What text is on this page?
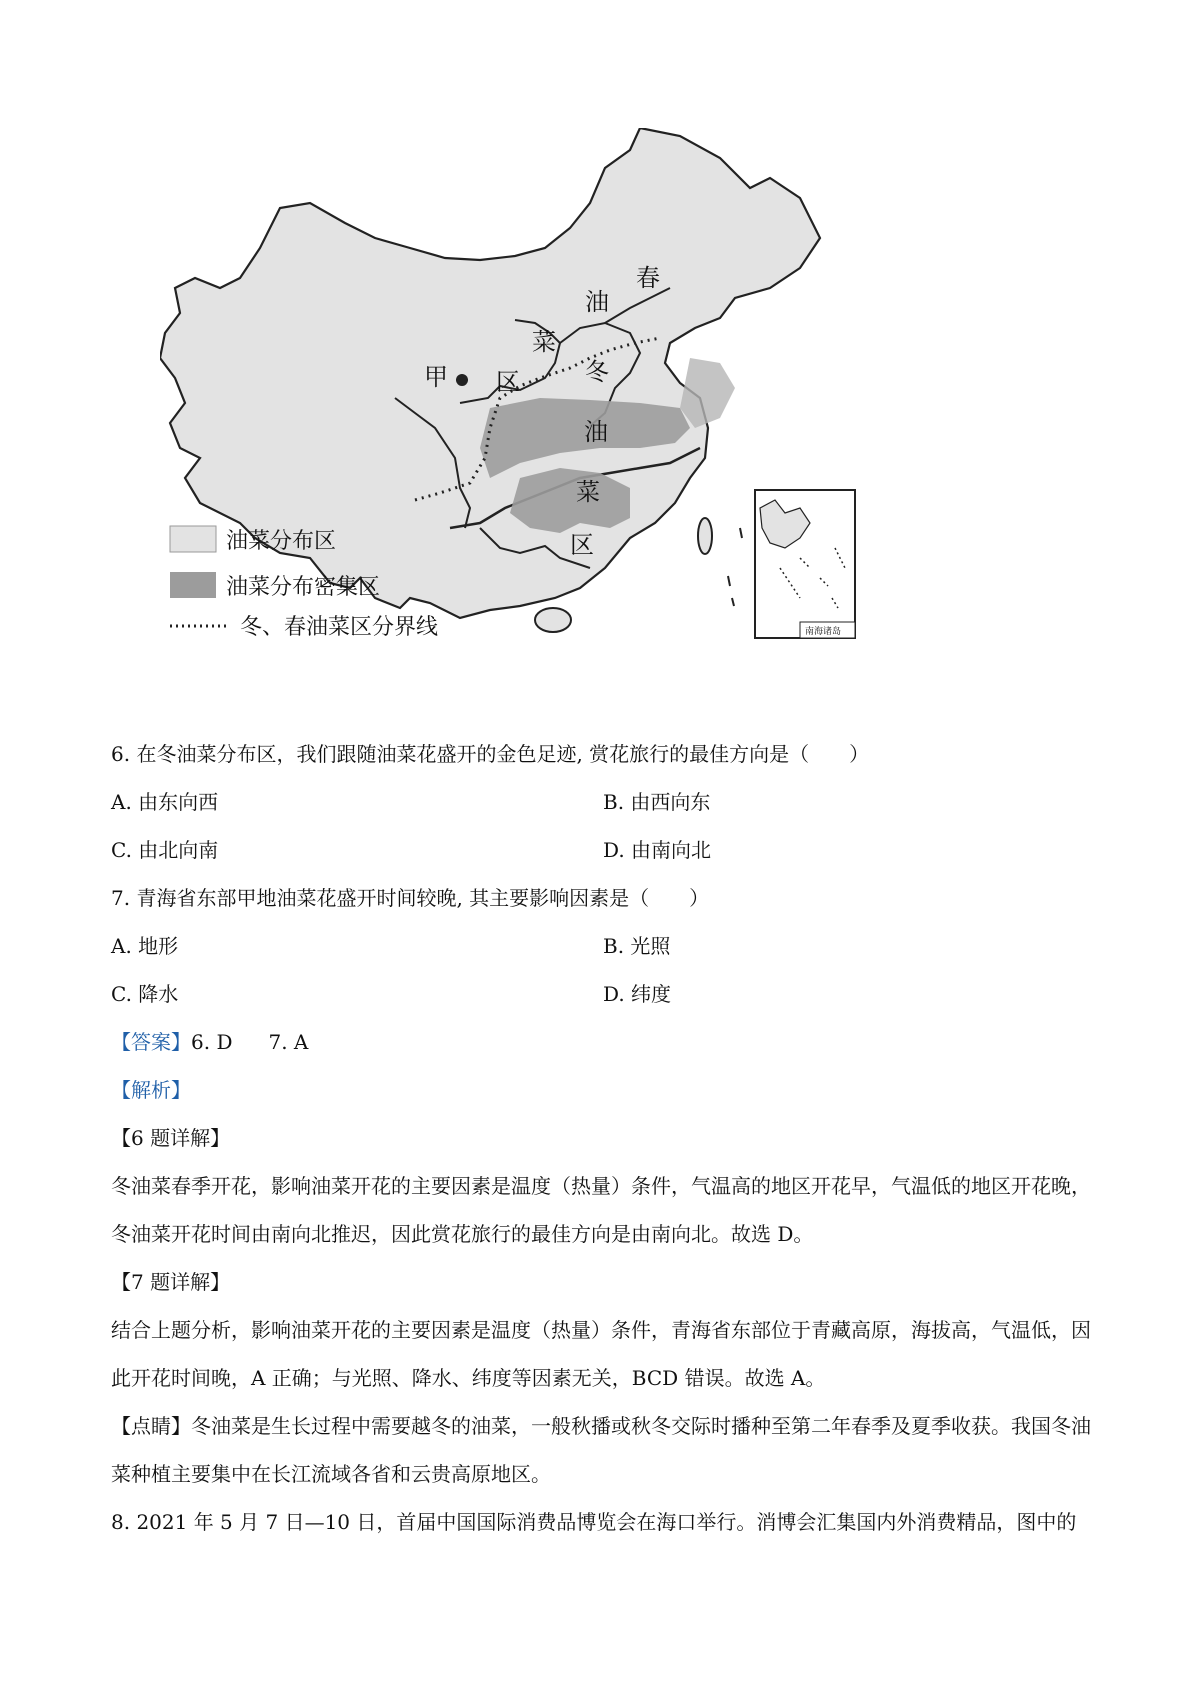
春
油
菜
区
甲	冬
油
菜
区
油菜分布区
油菜分布密集区
冬、春油菜区分界线	南海诸岛
6. 在冬油菜分布区，我们跟随油菜花盛开的金色足迹, 赏花旅行的最佳方向是（　　）
A. 由东向西	B. 由西向东
C. 由北向南	D. 由南向北
7. 青海省东部甲地油菜花盛开时间较晚, 其主要影响因素是（　　）
A. 地形	B. 光照
C. 降水	D. 纬度
【答案】6. D 7. A
【解析】
【6 题详解】
冬油菜春季开花，影响油菜开花的主要因素是温度（热量）条件，气温高的地区开花早，气温低的地区开花晚，冬油菜开花时间由南向北推迟，因此赏花旅行的最佳方向是由南向北。故选 D。
【7 题详解】
结合上题分析，影响油菜开花的主要因素是温度（热量）条件，青海省东部位于青藏高原，海拔高，气温低，因此开花时间晚，A 正确；与光照、降水、纬度等因素无关，BCD 错误。故选 A。
【点睛】冬油菜是生长过程中需要越冬的油菜，一般秋播或秋冬交际时播种至第二年春季及夏季收获。我国冬油菜种植主要集中在长江流域各省和云贵高原地区。
8. 2021 年 5 月 7 日—10 日，首届中国国际消费品博览会在海口举行。消博会汇集国内外消费精品，图中的
